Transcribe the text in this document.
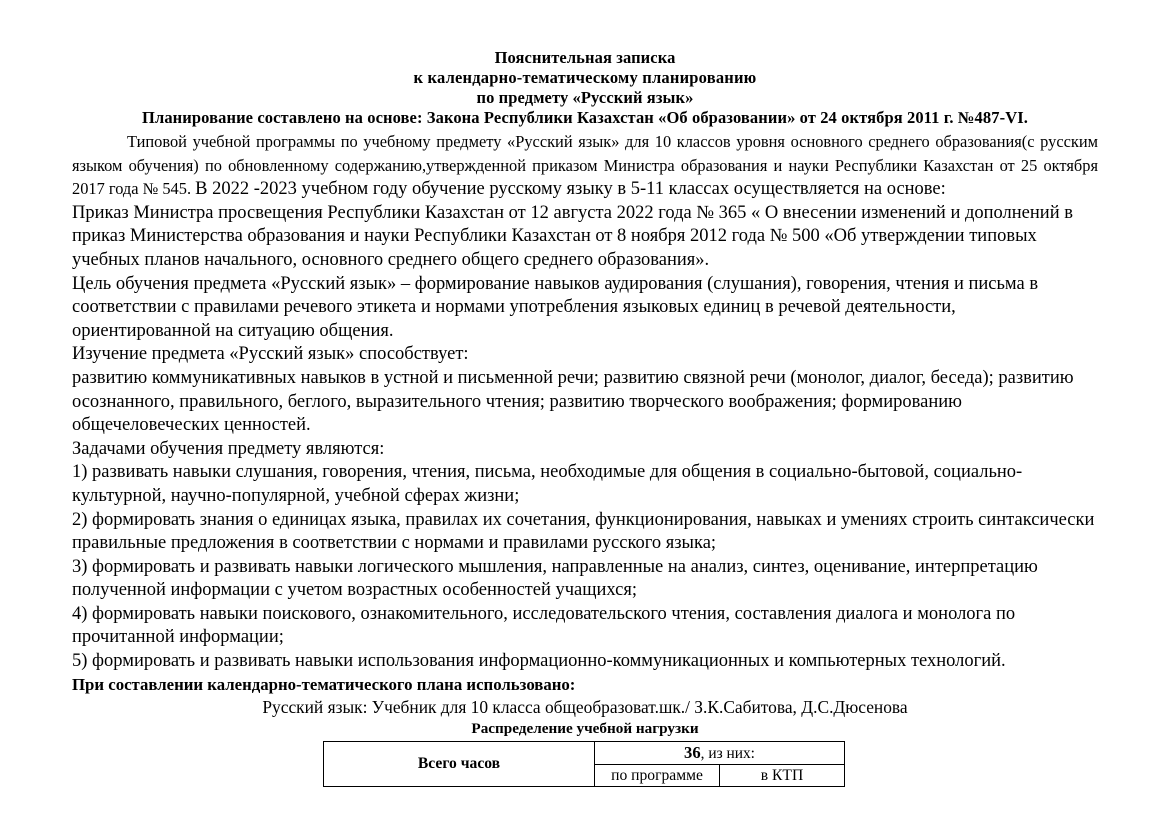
Пояснительная записка
к календарно-тематическому планированию
по предмету «Русский язык»
Планирование составлено на основе: Закона Республики Казахстан «Об образовании» от 24 октября 2011 г. №487-VI.

Типовой учебной программы по учебному предмету «Русский язык» для 10 классов уровня основного среднего образования(с русским языком обучения) по обновленному содержанию,утвержденной приказом Министра образования и науки Республики Казахстан от 25 октября 2017 года № 545. В 2022 -2023 учебном году обучение русскому языку в 5-11 классах осуществляется на основе:

Приказ Министра просвещения Республики Казахстан от 12 августа 2022 года № 365 « О внесении изменений и дополнений в приказ Министерства образования и науки Республики Казахстан от 8 ноября 2012 года № 500 «Об утверждении типовых учебных планов начального, основного среднего общего среднего образования».

Цель обучения предмета «Русский язык» – формирование навыков аудирования (слушания), говорения, чтения и письма в соответствии с правилами речевого этикета и нормами употребления языковых единиц в речевой деятельности, ориентированной на ситуацию общения.

Изучение предмета «Русский язык» способствует:

развитию коммуникативных навыков в устной и письменной речи; развитию связной речи (монолог, диалог, беседа); развитию осознанного, правильного, беглого, выразительного чтения; развитию творческого воображения; формированию общечеловеческих ценностей.

Задачами обучения предмету являются:

1) развивать навыки слушания, говорения, чтения, письма, необходимые для общения в социально-бытовой, социально-культурной, научно-популярной, учебной сферах жизни;

2) формировать знания о единицах языка, правилах их сочетания, функционирования, навыках и умениях строить синтаксически правильные предложения в соответствии с нормами и правилами русского языка;

3) формировать и развивать навыки логического мышления, направленные на анализ, синтез, оценивание, интерпретацию полученной информации с учетом возрастных особенностей учащихся;

4) формировать навыки поискового, ознакомительного, исследовательского чтения, составления диалога и монолога по прочитанной информации;

5) формировать и развивать навыки использования информационно-коммуникационных и компьютерных технологий.

При составлении календарно-тематического плана использовано:

Русский язык: Учебник для 10 класса общеобразоват.шк./ З.К.Сабитова, Д.С.Дюсенова

Распределение учебной нагрузки
Всего часов	36, из них:	
	по программе	в КТП
